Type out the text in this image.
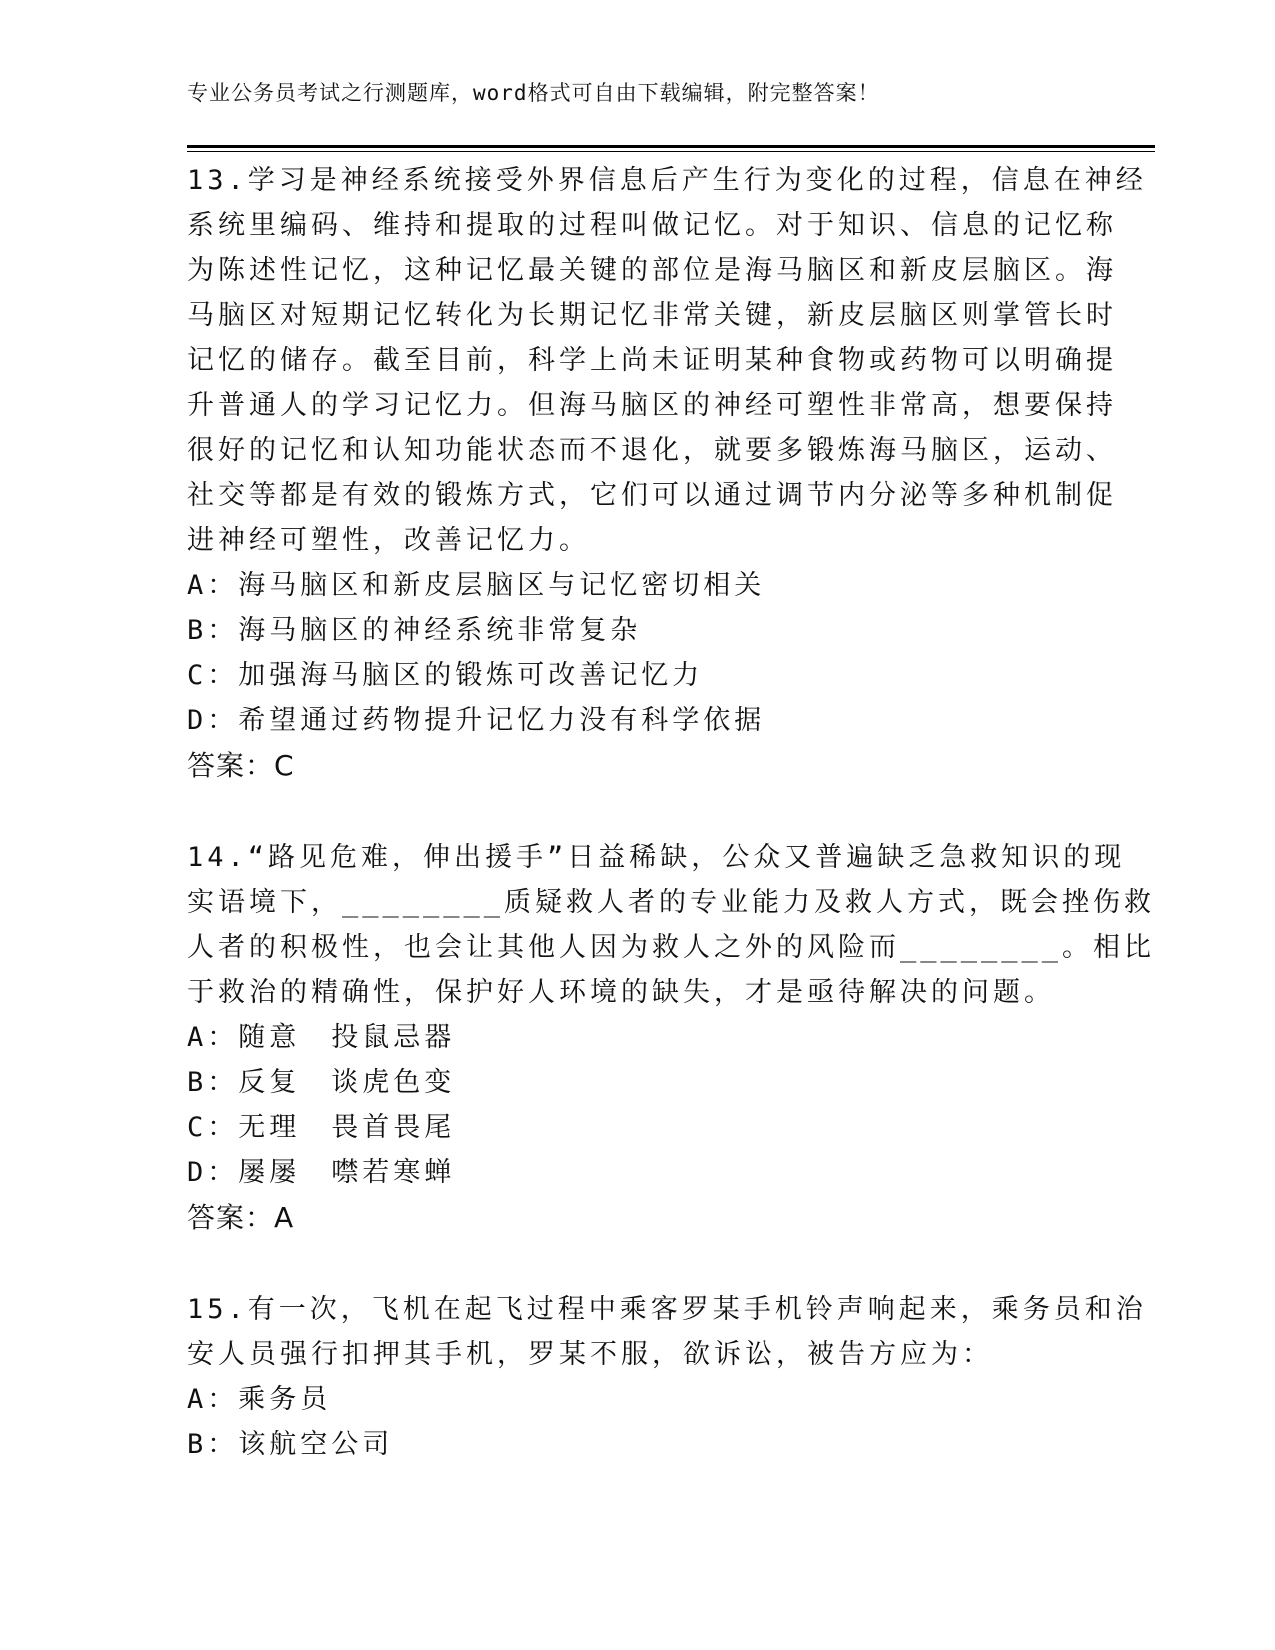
专业公务员考试之行测题库，word格式可自由下载编辑，附完整答案！
13.学习是神经系统接受外界信息后产生行为变化的过程，信息在神经
系统里编码、维持和提取的过程叫做记忆。对于知识、信息的记忆称
为陈述性记忆，这种记忆最关键的部位是海马脑区和新皮层脑区。海
马脑区对短期记忆转化为长期记忆非常关键，新皮层脑区则掌管长时
记忆的储存。截至目前，科学上尚未证明某种食物或药物可以明确提
升普通人的学习记忆力。但海马脑区的神经可塑性非常高，想要保持
很好的记忆和认知功能状态而不退化，就要多锻炼海马脑区，运动、
社交等都是有效的锻炼方式，它们可以通过调节内分泌等多种机制促
进神经可塑性，改善记忆力。
A：海马脑区和新皮层脑区与记忆密切相关
B：海马脑区的神经系统非常复杂
C：加强海马脑区的锻炼可改善记忆力
D：希望通过药物提升记忆力没有科学依据
答案：C
14.“路见危难，伸出援手”日益稀缺，公众又普遍缺乏急救知识的现
实语境下，________质疑救人者的专业能力及救人方式，既会挫伤救
人者的积极性，也会让其他人因为救人之外的风险而________。相比
于救治的精确性，保护好人环境的缺失，才是亟待解决的问题。
A：随意　投鼠忌器
B：反复　谈虎色变
C：无理　畏首畏尾
D：屡屡　噤若寒蝉
答案：A
15.有一次，飞机在起飞过程中乘客罗某手机铃声响起来，乘务员和治
安人员强行扣押其手机，罗某不服，欲诉讼，被告方应为：
A：乘务员
B：该航空公司
